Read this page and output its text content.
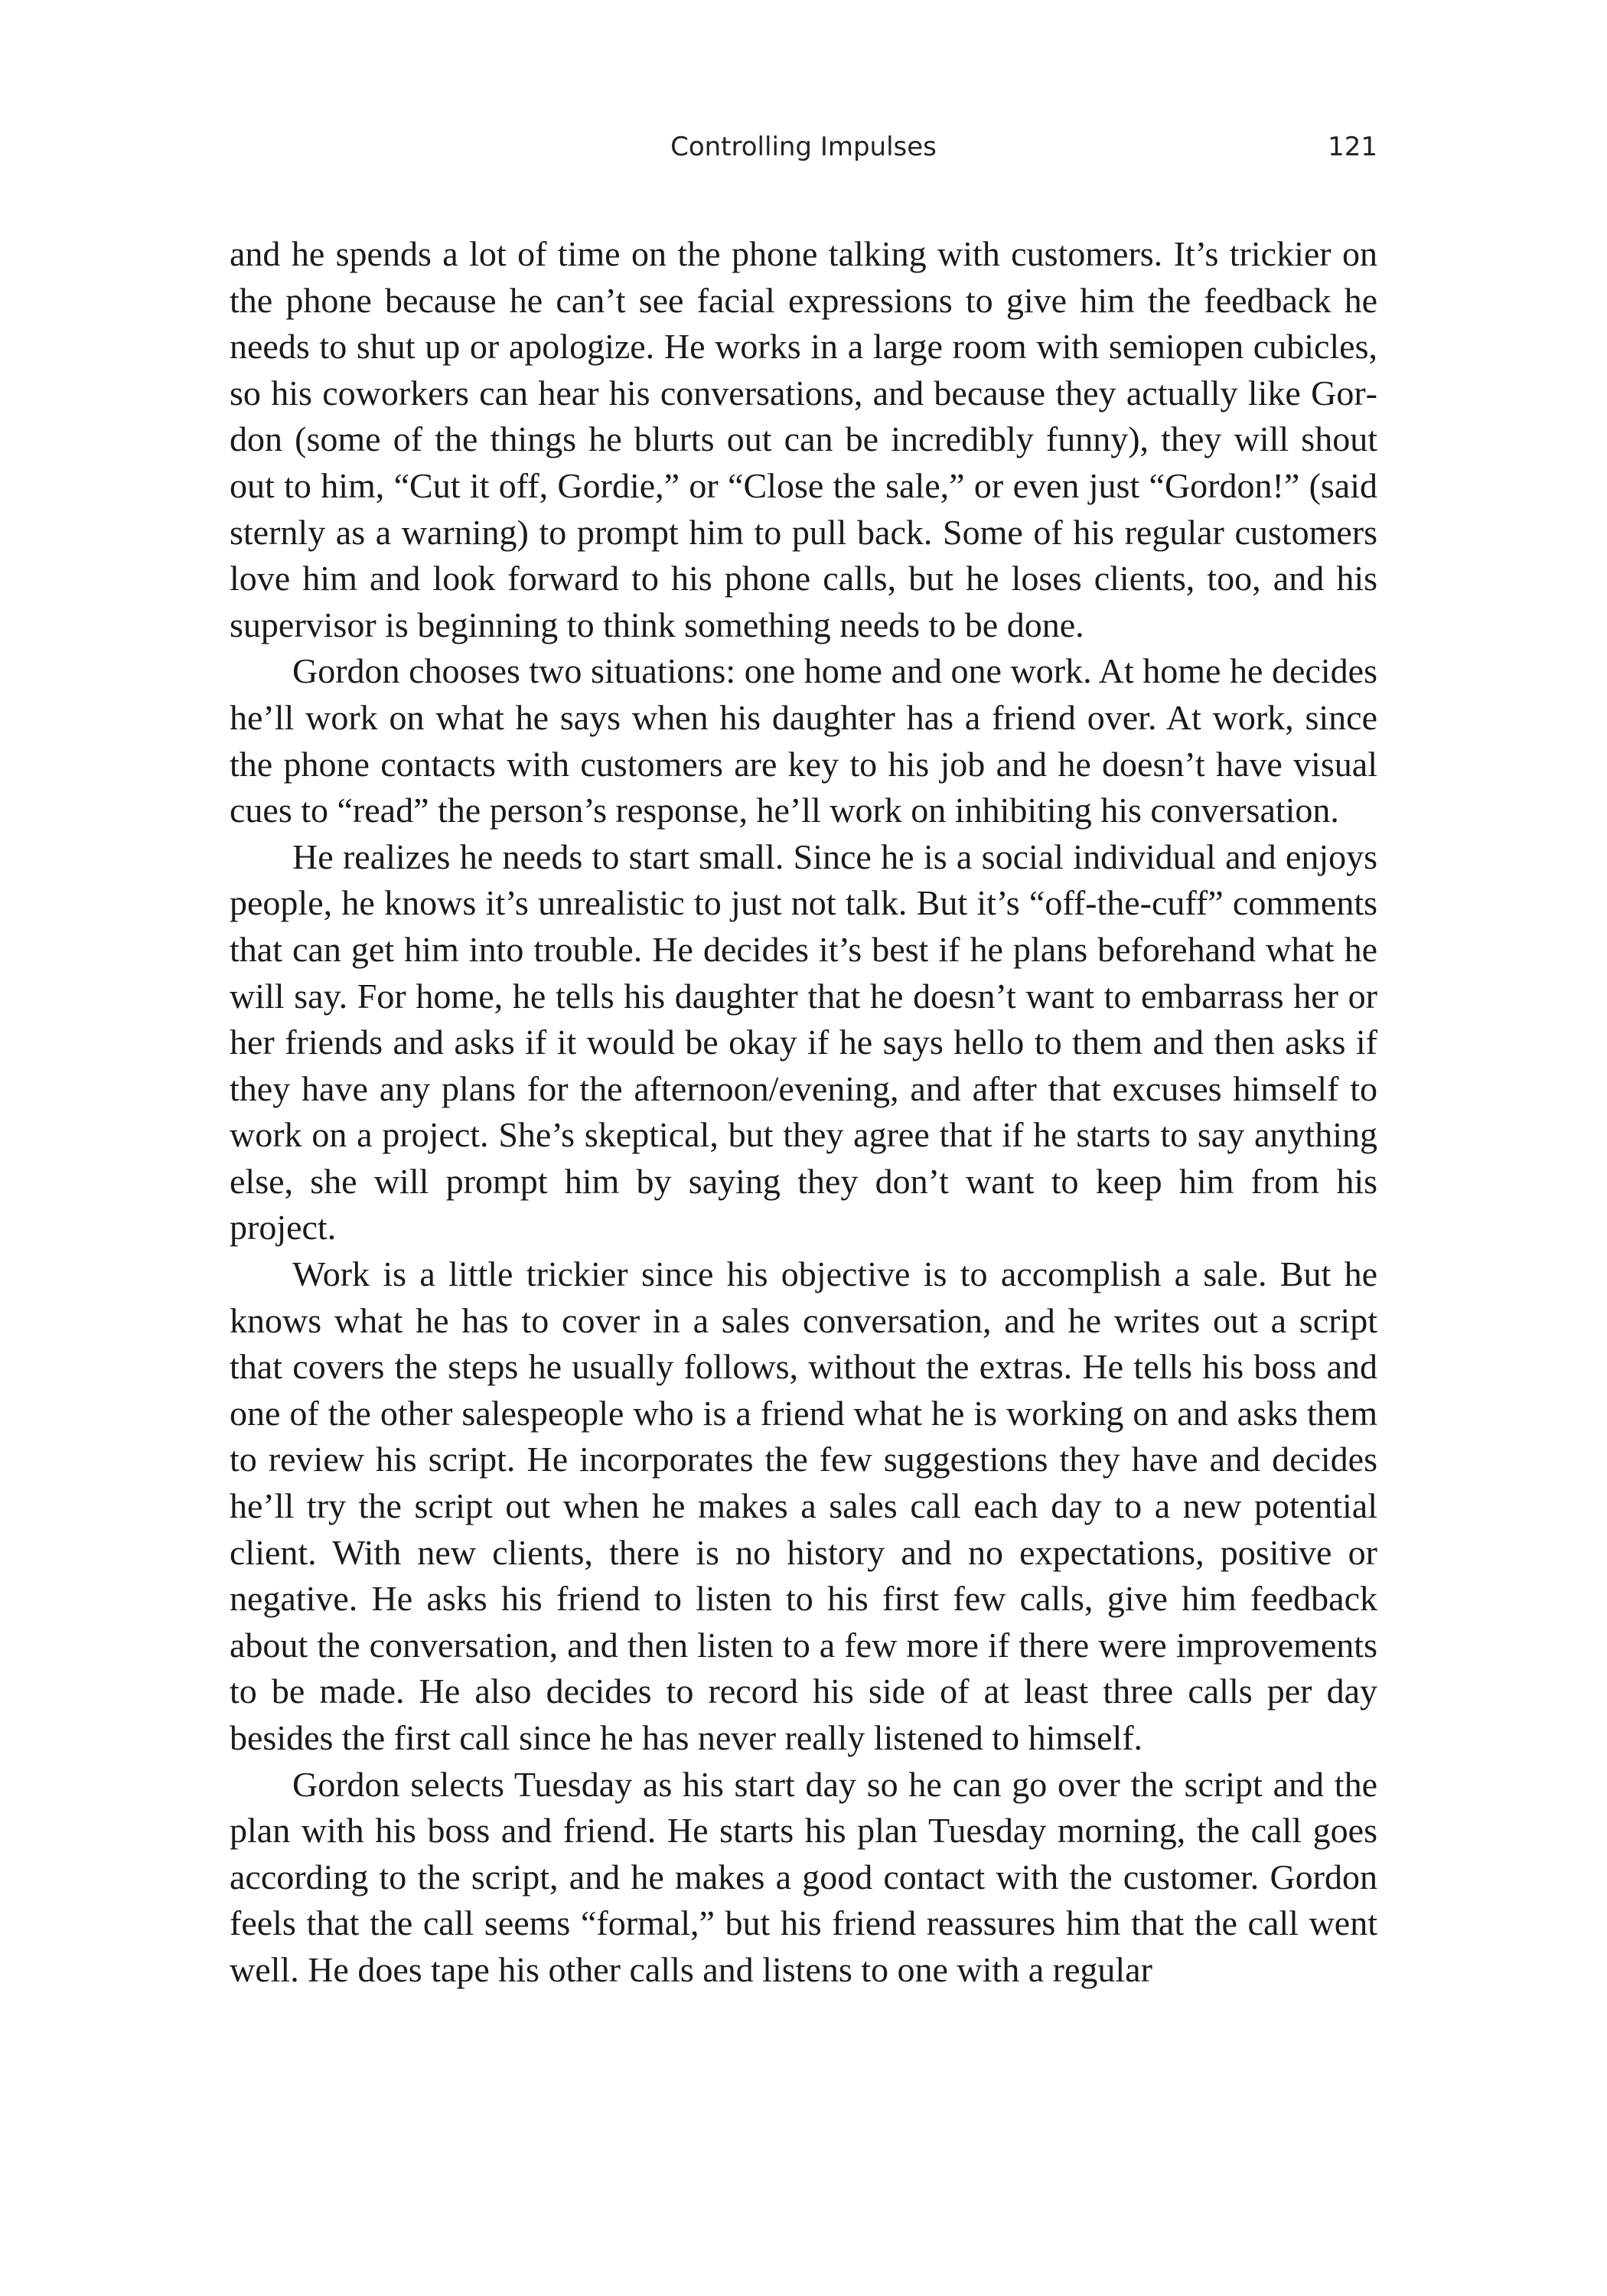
Controlling Impulses	121

and he spends a lot of time on the phone talking with customers. It’s trickier on the phone because he can’t see facial expressions to give him the feedback he needs to shut up or apologize. He works in a large room with semiopen cubicles, so his coworkers can hear his conversations, and because they actually like Gordon (some of the things he blurts out can be incredibly funny), they will shout out to him, “Cut it off, Gordie,” or “Close the sale,” or even just “Gordon!” (said sternly as a warning) to prompt him to pull back. Some of his regular customers love him and look forward to his phone calls, but he loses clients, too, and his supervisor is beginning to think something needs to be done.

Gordon chooses two situations: one home and one work. At home he decides he’ll work on what he says when his daughter has a friend over. At work, since the phone contacts with customers are key to his job and he doesn’t have visual cues to “read” the person’s response, he’ll work on inhibiting his conversation.

He realizes he needs to start small. Since he is a social individual and enjoys people, he knows it’s unrealistic to just not talk. But it’s “off-the-cuff” comments that can get him into trouble. He decides it’s best if he plans beforehand what he will say. For home, he tells his daughter that he doesn’t want to embarrass her or her friends and asks if it would be okay if he says hello to them and then asks if they have any plans for the afternoon/evening, and after that excuses himself to work on a project. She’s skeptical, but they agree that if he starts to say anything else, she will prompt him by saying they don’t want to keep him from his project.

Work is a little trickier since his objective is to accomplish a sale. But he knows what he has to cover in a sales conversation, and he writes out a script that covers the steps he usually follows, without the extras. He tells his boss and one of the other salespeople who is a friend what he is working on and asks them to review his script. He incorporates the few suggestions they have and decides he’ll try the script out when he makes a sales call each day to a new potential client. With new clients, there is no history and no expectations, positive or negative. He asks his friend to listen to his first few calls, give him feedback about the conversation, and then listen to a few more if there were improvements to be made. He also decides to record his side of at least three calls per day besides the first call since he has never really listened to himself.

Gordon selects Tuesday as his start day so he can go over the script and the plan with his boss and friend. He starts his plan Tuesday morning, the call goes according to the script, and he makes a good contact with the customer. Gordon feels that the call seems “formal,” but his friend reassures him that the call went well. He does tape his other calls and listens to one with a regular
